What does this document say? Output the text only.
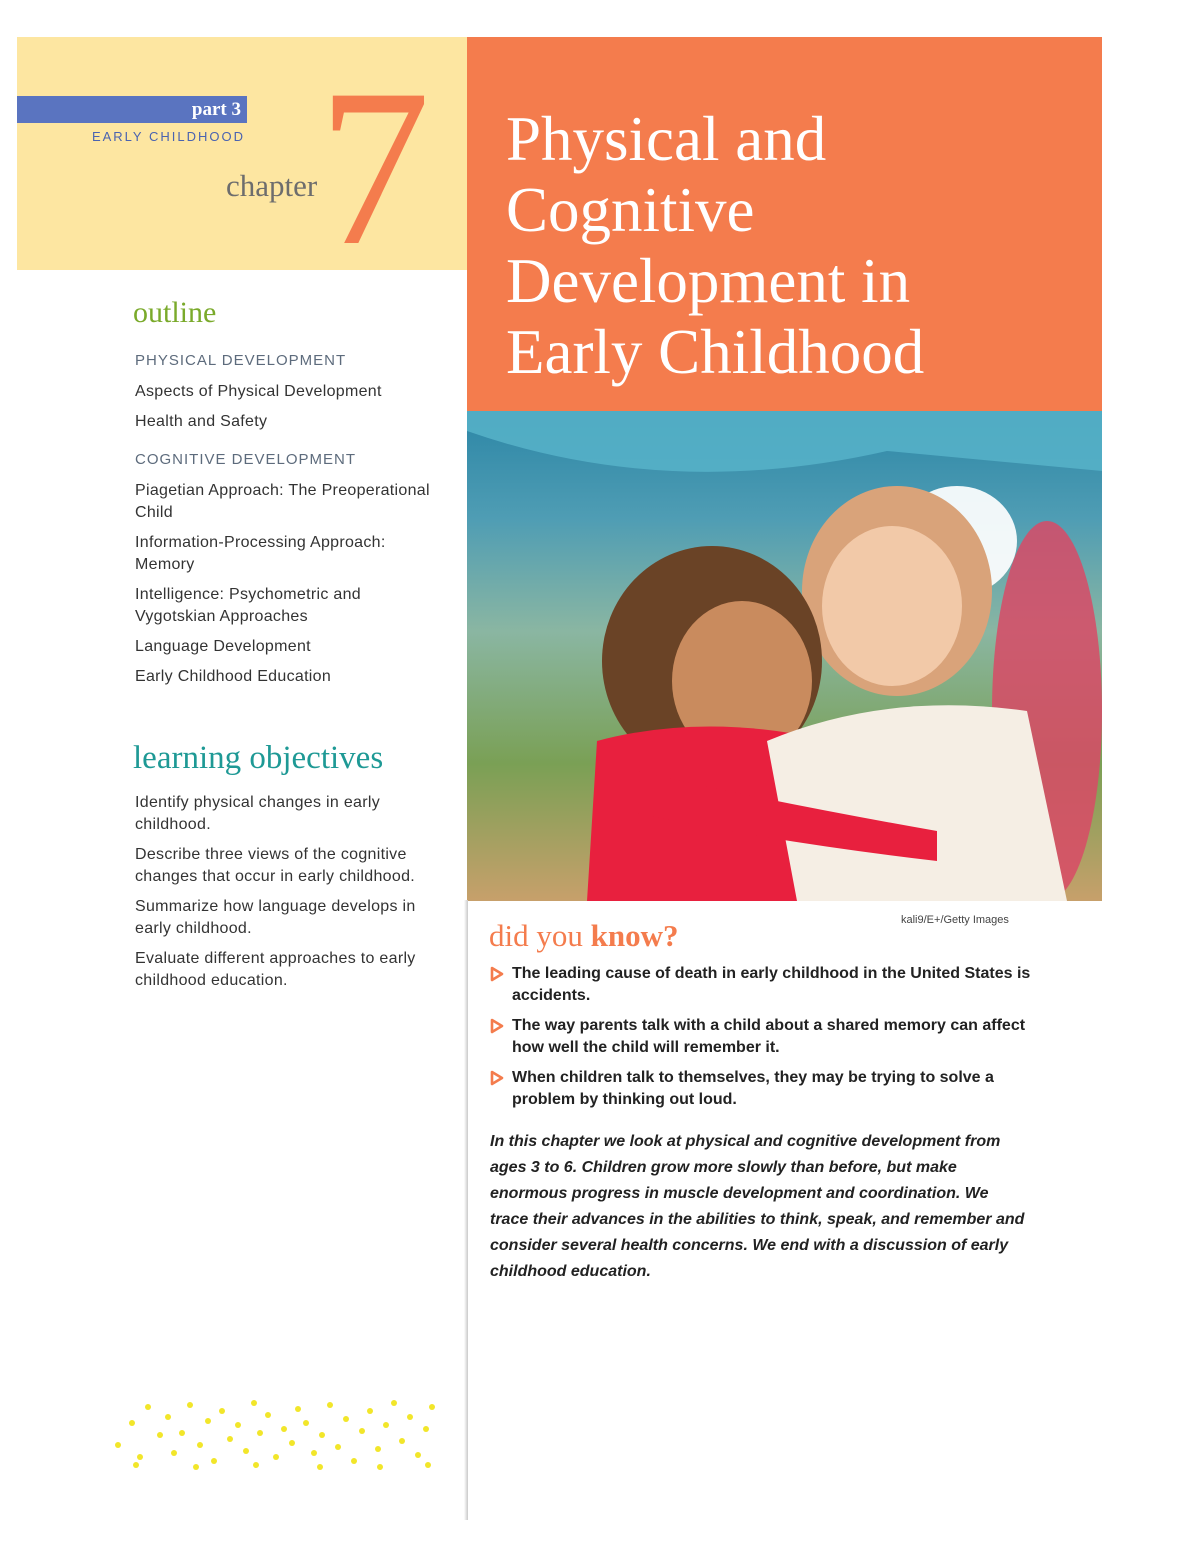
part 3
EARLY CHILDHOOD
chapter 7 Physical and
Cognitive
Development in
Early Childhood
kali9/E+/Getty Images
outline
PHYSICAL DEVELOPMENT
Aspects of Physical Development
Health and Safety
COGNITIVE DEVELOPMENT
Piagetian Approach: The Preoperational Child
Information-Processing Approach: Memory
Intelligence: Psychometric and Vygotskian Approaches
Language Development
Early Childhood Education
learning objectives
Identify physical changes in early childhood.
Describe three views of the cognitive changes that occur in early childhood.
Summarize how language develops in early childhood.
Evaluate different approaches to early childhood education.
did you know?
The leading cause of death in early childhood in the United States is accidents.
The way parents talk with a child about a shared memory can affect how well the child will remember it.
When children talk to themselves, they may be trying to solve a problem by thinking out loud.
In this chapter we look at physical and cognitive development from ages 3 to 6. Children grow more slowly than before, but make enormous progress in muscle development and coordination. We trace their advances in the abilities to think, speak, and remember and consider several health concerns. We end with a discussion of early childhood education.
